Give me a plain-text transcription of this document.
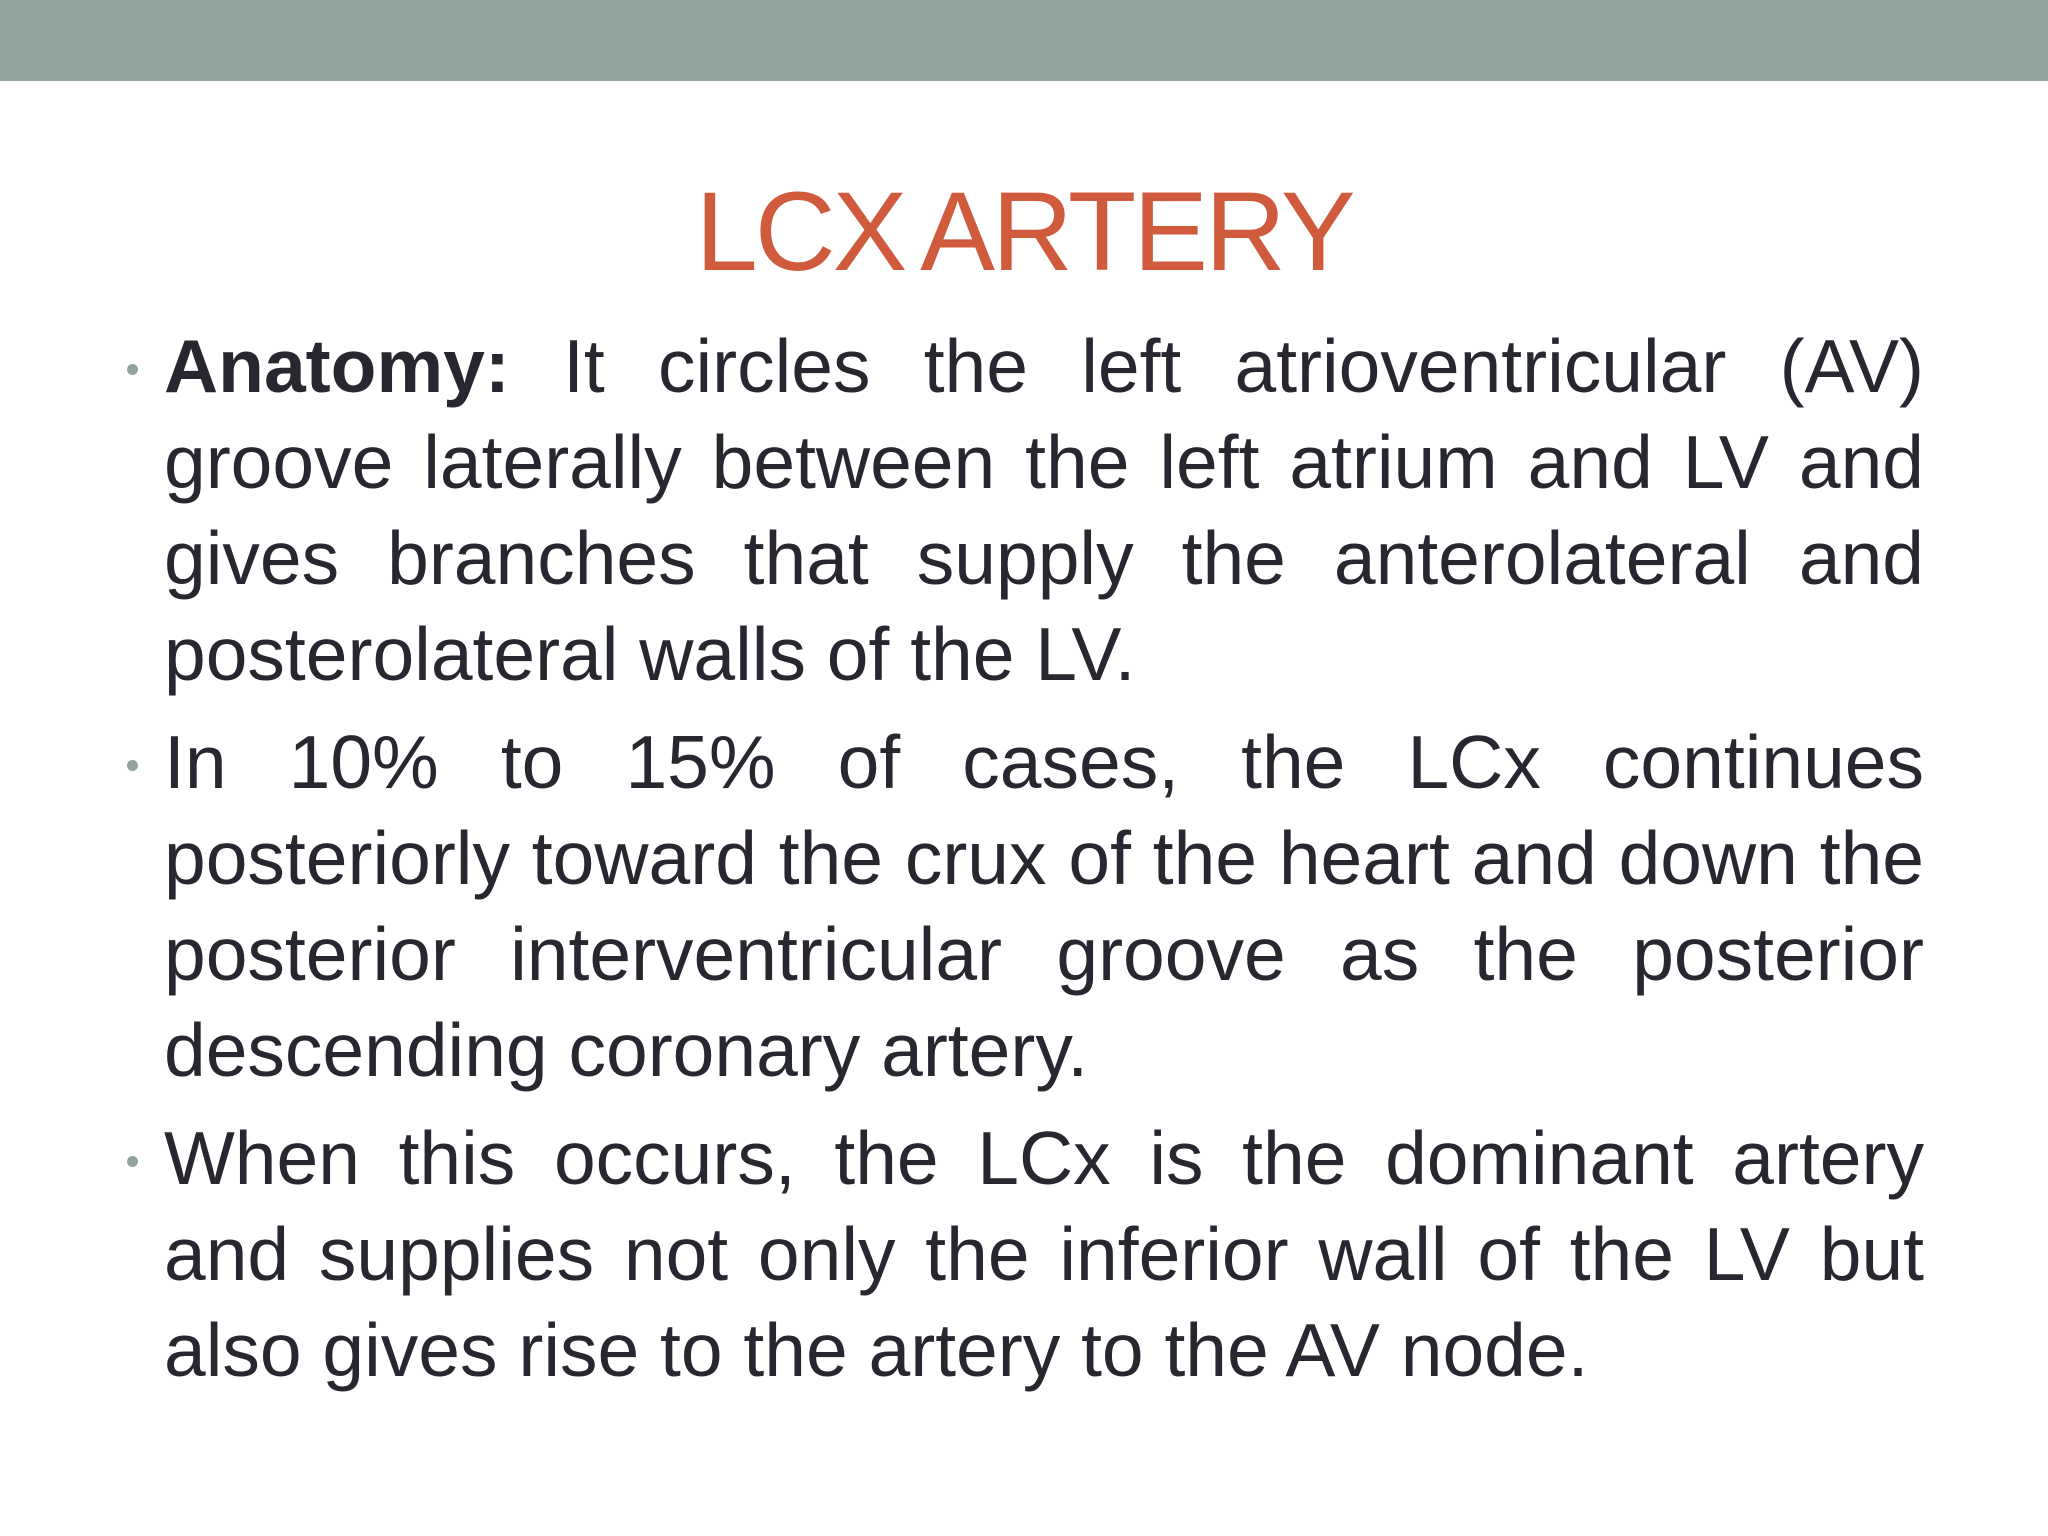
LCX ARTERY
Anatomy: It circles the left atrioventricular (AV) groove laterally between the left atrium and LV and gives branches that supply the anterolateral and posterolateral walls of the LV.
In 10% to 15% of cases, the LCx continues posteriorly toward the crux of the heart and down the posterior interventricular groove as the posterior descending coronary artery.
When this occurs, the LCx is the dominant artery and supplies not only the inferior wall of the LV but also gives rise to the artery to the AV node.
